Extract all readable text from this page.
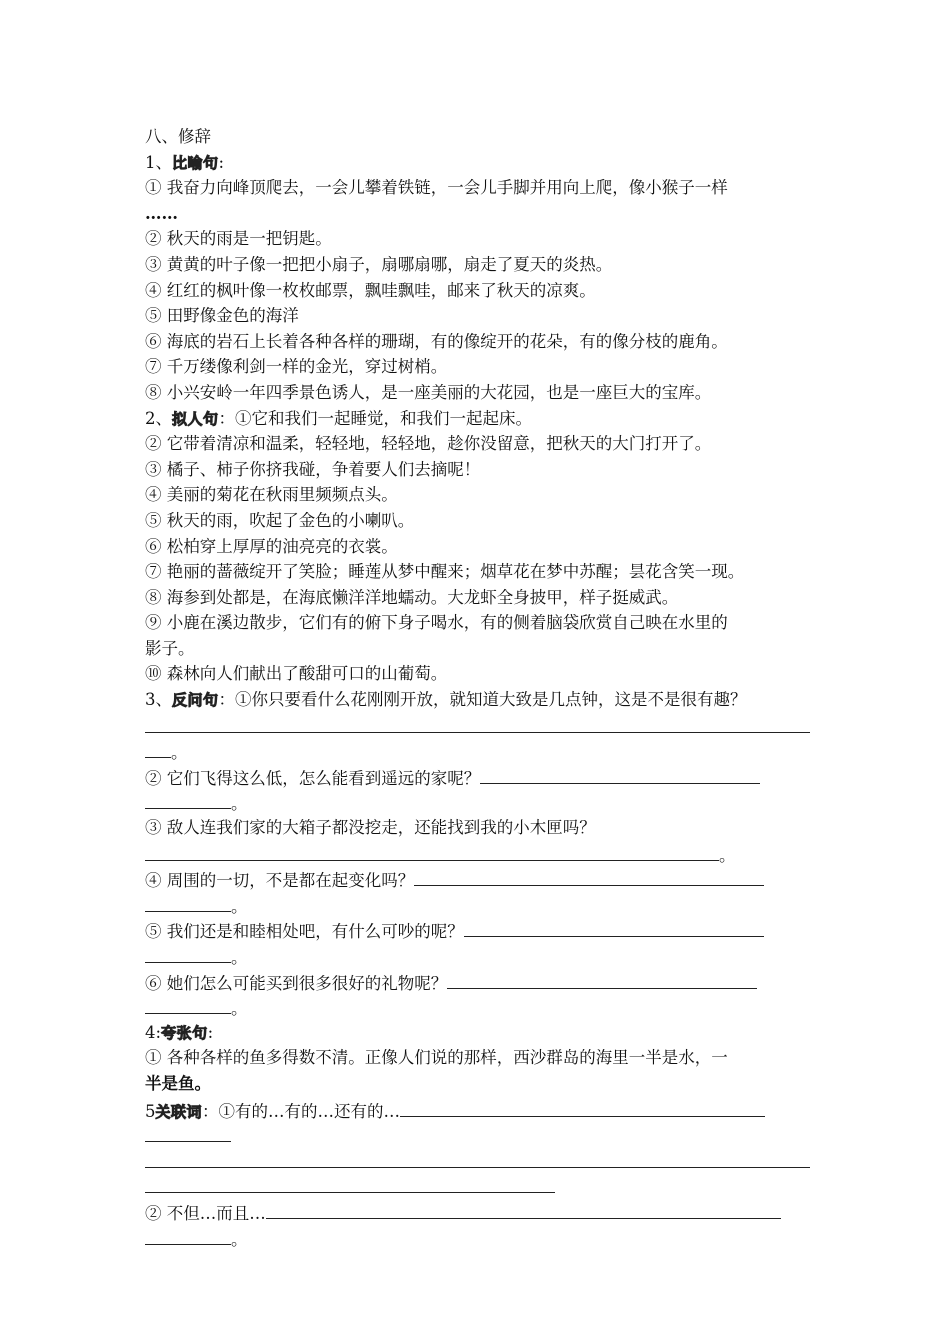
八、修辞
1、比喻句:
① 我奋力向峰顶爬去，一会儿攀着铁链，一会儿手脚并用向上爬，像小猴子一样
……
② 秋天的雨是一把钥匙。
③ 黄黄的叶子像一把把小扇子，扇哪扇哪，扇走了夏天的炎热。
④ 红红的枫叶像一枚枚邮票，飘哇飘哇，邮来了秋天的凉爽。
⑤ 田野像金色的海洋
⑥ 海底的岩石上长着各种各样的珊瑚，有的像绽开的花朵，有的像分枝的鹿角。
⑦ 千万缕像利剑一样的金光，穿过树梢。
⑧ 小兴安岭一年四季景色诱人，是一座美丽的大花园，也是一座巨大的宝库。
2、拟人句：①它和我们一起睡觉，和我们一起起床。
② 它带着清凉和温柔，轻轻地，轻轻地，趁你没留意，把秋天的大门打开了。
③ 橘子、柿子你挤我碰，争着要人们去摘呢！
④ 美丽的菊花在秋雨里频频点头。
⑤ 秋天的雨，吹起了金色的小喇叭。
⑥ 松柏穿上厚厚的油亮亮的衣裳。
⑦ 艳丽的蔷薇绽开了笑脸；睡莲从梦中醒来；烟草花在梦中苏醒；昙花含笑一现。
⑧ 海参到处都是，在海底懒洋洋地蠕动。大龙虾全身披甲，样子挺威武。
⑨ 小鹿在溪边散步，它们有的俯下身子喝水，有的侧着脑袋欣赏自己映在水里的
影子。
⑩ 森林向人们献出了酸甜可口的山葡萄。
3、反问句：①你只要看什么花刚刚开放，就知道大致是几点钟，这是不是很有趣？
。
② 它们飞得这么低，怎么能看到遥远的家呢？
。
③ 敌人连我们家的大箱子都没挖走，还能找到我的小木匣吗？
。
④ 周围的一切，不是都在起变化吗？
。
⑤ 我们还是和睦相处吧，有什么可吵的呢？
。
⑥ 她们怎么可能买到很多很好的礼物呢？
。
4:夸张句:
① 各种各样的鱼多得数不清。正像人们说的那样，西沙群岛的海里一半是水，一
半是鱼。
5关联词：①有的…有的…还有的…
② 不但…而且…
。
